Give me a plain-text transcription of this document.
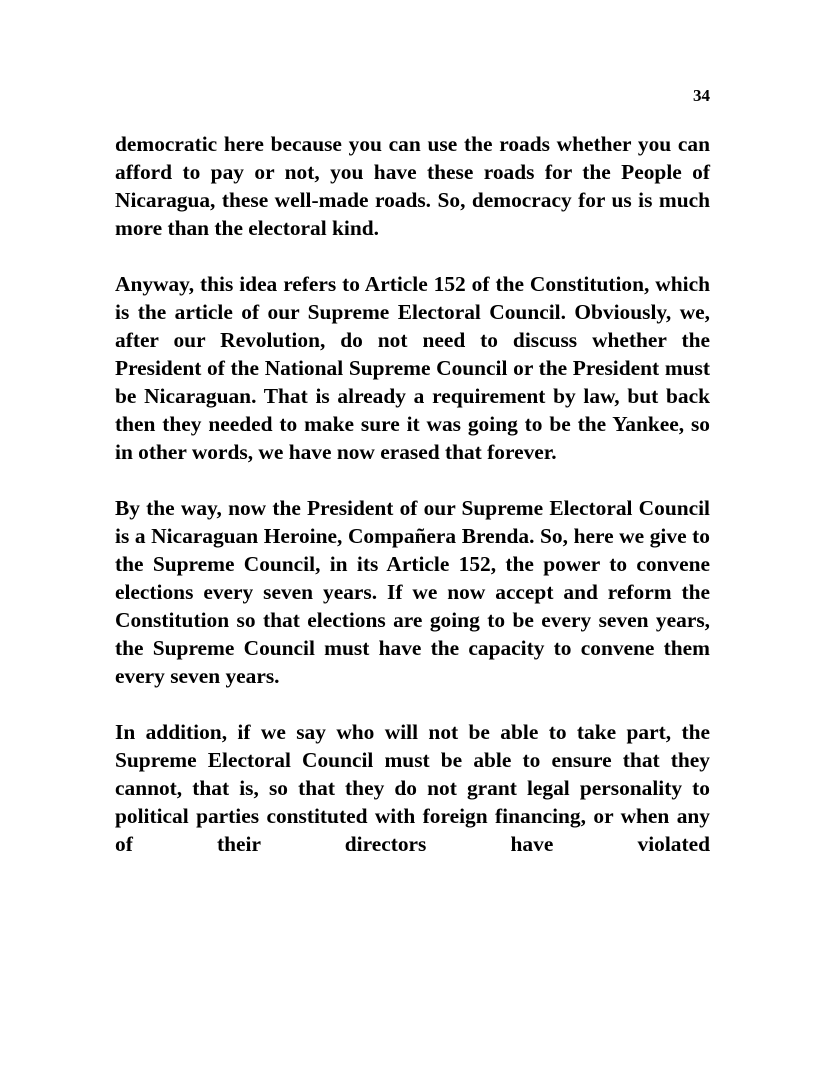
34

democratic here because you can use the roads whether you can afford to pay or not, you have these roads for the People of Nicaragua, these well-made roads. So, democracy for us is much more than the electoral kind.

Anyway, this idea refers to Article 152 of the Constitution, which is the article of our Supreme Electoral Council. Obviously, we, after our Revolution, do not need to discuss whether the President of the National Supreme Council or the President must be Nicaraguan. That is already a requirement by law, but back then they needed to make sure it was going to be the Yankee, so in other words, we have now erased that forever.

By the way, now the President of our Supreme Electoral Council is a Nicaraguan Heroine, Compañera Brenda. So, here we give to the Supreme Council, in its Article 152, the power to convene elections every seven years. If we now accept and reform the Constitution so that elections are going to be every seven years, the Supreme Council must have the capacity to convene them every seven years.

In addition, if we say who will not be able to take part, the Supreme Electoral Council must be able to ensure that they cannot, that is, so that they do not grant legal personality to political parties constituted with foreign financing, or when any of their directors have violated
